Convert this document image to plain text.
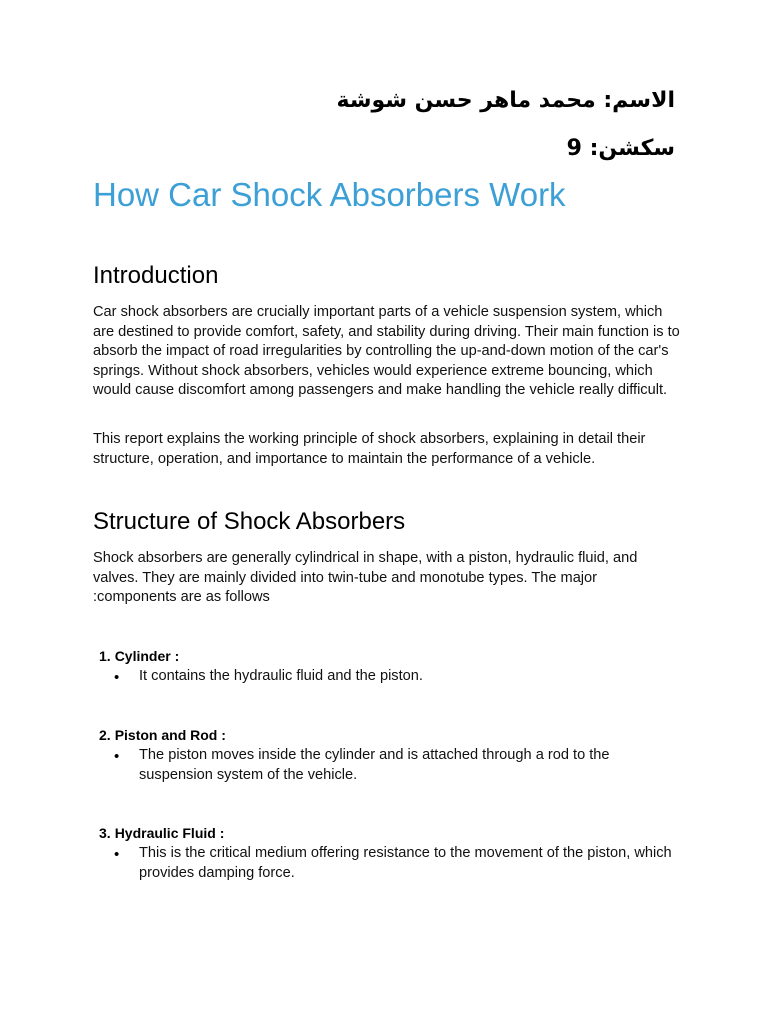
الاسم: محمد ماهر حسن شوشة
سكشن: 9
How Car Shock Absorbers Work
Introduction

Car shock absorbers are crucially important parts of a vehicle suspension system, which are destined to provide comfort, safety, and stability during driving. Their main function is to absorb the impact of road irregularities by controlling the up-and-down motion of the car's springs. Without shock absorbers, vehicles would experience extreme bouncing, which would cause discomfort among passengers and make handling the vehicle really difficult.

This report explains the working principle of shock absorbers, explaining in detail their structure, operation, and importance to maintain the performance of a vehicle.

Structure of Shock Absorbers

Shock absorbers are generally cylindrical in shape, with a piston, hydraulic fluid, and valves. They are mainly divided into twin-tube and monotube types. The major :components are as follows

1. Cylinder :
• It contains the hydraulic fluid and the piston.

2. Piston and Rod :
• The piston moves inside the cylinder and is attached through a rod to the suspension system of the vehicle.

3. Hydraulic Fluid :
• This is the critical medium offering resistance to the movement of the piston, which provides damping force.
